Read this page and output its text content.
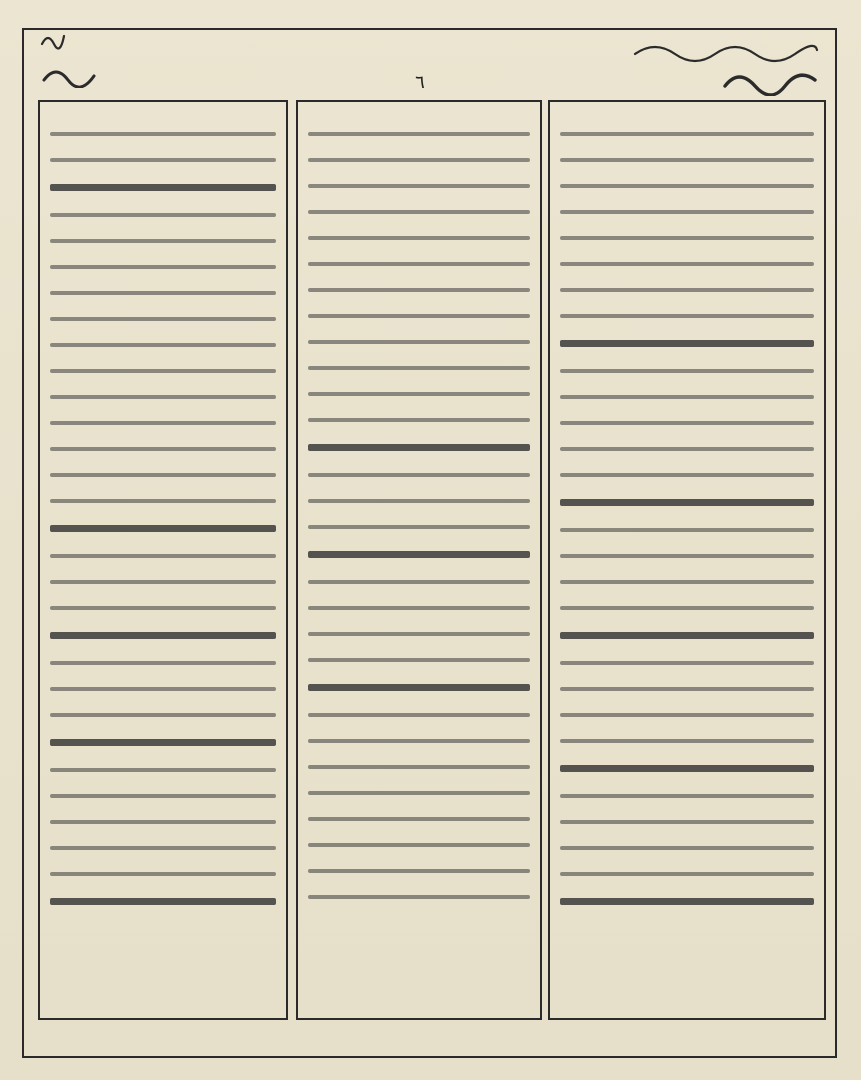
٦
